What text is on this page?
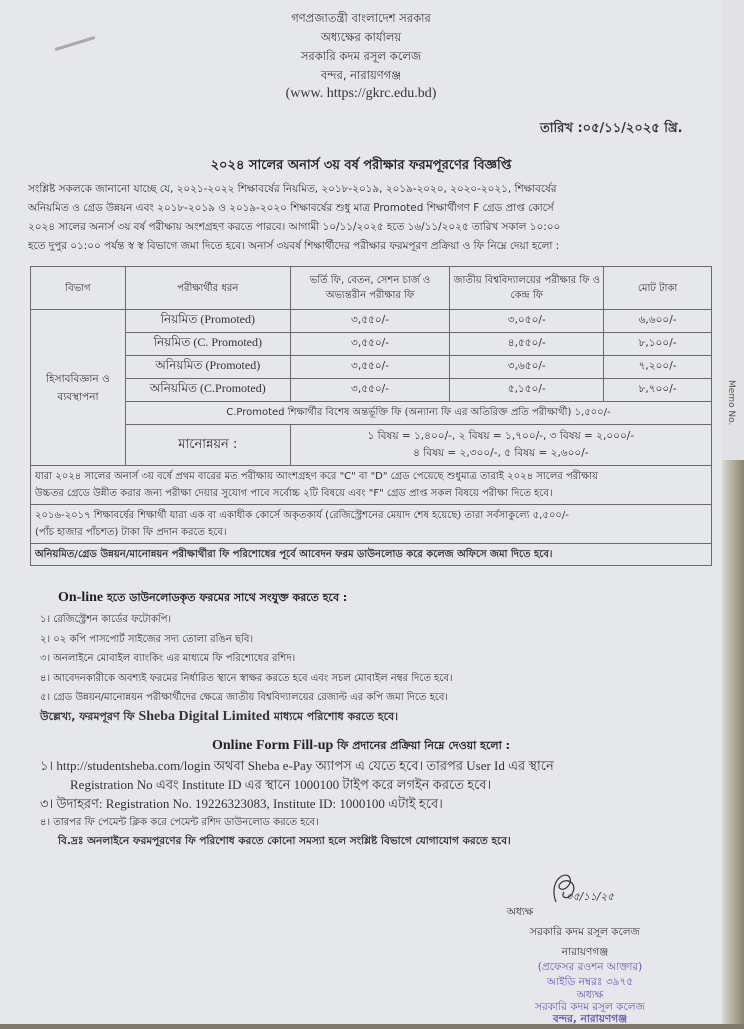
Memo No.
গণপ্রজাতন্ত্রী বাংলাদেশ সরকার
অধ্যক্ষের কার্যালয়
সরকারি কদম রসূল কলেজ
বন্দর, নারায়ণগঞ্জ
(www. https://gkrc.edu.bd)
তারিখ :০৫/১১/২০২৫ খ্রি.
২০২৪ সালের অনার্স ৩য় বর্ষ পরীক্ষার ফরমপূরণের বিজ্ঞপ্তি
সংশ্লিষ্ট সকলকে জানানো যাচ্ছে যে, ২০২১-২০২২ শিক্ষাবর্ষের নিয়মিত, ২০১৮-২০১৯, ২০১৯-২০২০, ২০২০-২০২১, শিক্ষাবর্ষের
অনিয়মিত ও গ্রেড উন্নয়ন এবং ২০১৮-২০১৯ ও ২০১৯-২০২০ শিক্ষাবর্ষের শুধু মাত্র Promoted শিক্ষার্থীগণ F গ্রেড প্রাপ্ত কোর্সে
২০২৪ সালের অনার্স ৩য় বর্ষ পরীক্ষায় অংশগ্রহণ করতে পারবে। আগামী ১০/১১/২০২৫ হতে ১৬/১১/২০২৫ তারিখ সকাল ১০:০০
হতে দুপুর ০১:০০ পর্যন্ত স্ব স্ব বিভাগে জমা দিতে হবে। অনার্স ৩য়বর্ষ শিক্ষার্থীদের পরীক্ষার ফরমপূরণ প্রক্রিয়া ও ফি নিম্নে দেয়া হলো :
বিভাগ	পরীক্ষার্থীর ধরন	ভর্তি ফি, বেতন, সেশন চার্জ ও অভ্যন্তরীন পরীক্ষার ফি	জাতীয় বিশ্ববিদ্যালয়ের পরীক্ষার ফি ও কেন্দ্র ফি	মোট টাকা
হিসাববিজ্ঞান ও ব্যবস্থাপনা	নিয়মিত (Promoted)	৩,৫৫০/-	৩,০৫০/-	৬,৬০০/-
	নিয়মিত (C. Promoted)	৩,৫৫০/-	৪,৫৫০/-	৮,১০০/-
	অনিয়মিত (Promoted)	৩,৫৫০/-	৩,৬৫০/-	৭,২০০/-
	অনিয়মিত (C.Promoted)	৩,৫৫০/-	৫,১৫০/-	৮,৭০০/-
	C.Promoted শিক্ষার্থীর বিশেষ অন্তর্ভূক্তি ফি (অন্যান্য ফি এর অতিরিক্ত প্রতি পরীক্ষার্থী) ১,৫০০/-			
	মানোন্নয়ন :	১ বিষয় = ১,৪০০/-, ২ বিষয় = ১,৭০০/-, ৩ বিষয় = ২,০০০/-
৪ বিষয় = ২,৩০০/-, ৫ বিষয় = ২,৬০০/-		

যারা ২০২৪ সালের অনার্স ৩য় বর্ষে প্রথম বারের মত পরীক্ষায় আংশগ্রহণ করে "C" বা "D" গ্রেড পেয়েছে শুধুমাত্র তারাই ২০২৪ সালের পরীক্ষায়
উচ্চতর গ্রেডে উন্নীত করার জন্য পরীক্ষা দেয়ার সুযোগ পাবে সর্বোচ্চ ২টি বিষয়ে এবং "F" গ্রেড প্রাপ্ত সকল বিষয়ে পরীক্ষা দিতে হবে।				

২০১৬-২০১৭ শিক্ষাবর্ষের শিক্ষার্থী যারা এক বা একাধীক কোর্সে অকৃতকার্য (রেজিস্ট্রেশনের মেয়াদ শেষ হয়েছে) তারা সর্বসাকুল্যে ৫,৫০০/-
(পাঁচ হাজার পাঁচশত) টাকা ফি প্রদান করতে হবে।				

অনিয়মিত/গ্রেড উন্নয়ন/মানোন্নয়ন পরীক্ষার্থীরা ফি পরিশোধের পূর্বে আবেদন ফরম ডাউনলোড করে কলেজ অফিসে জমা দিতে হবে।				
On-line হতে ডাউনলোডকৃত ফরমের সাথে সংযুক্ত করতে হবে :
১। রেজিস্ট্রেশন কার্ডের ফটোকপি।
২। ০২ কপি পাসপোর্ট সাইজের সদ্য তোলা রঙিন ছবি।
৩। অনলাইনে মোবাইল ব্যাংকিং এর মাধ্যমে ফি পরিশোধের রশিদ।
৪। আবেদনকারীকে অবশ্যই ফরমের নির্ধারিত স্থানে স্বাক্ষর করতে হবে এবং সচল মোবাইল নম্বর দিতে হবে।
৫। গ্রেড উন্নয়ন/মানোন্নয়ন পরীক্ষার্থীদের ক্ষেত্রে জাতীয় বিশ্ববিদ্যালয়ের রেজাল্ট এর কপি জমা দিতে হবে।
উল্লেখ্য, ফরমপূরণ ফি Sheba Digital Limited মাধ্যমে পরিশোধ করতে হবে।
Online Form Fill-up ফি প্রদানের প্রক্রিয়া নিম্নে দেওয়া হলো :
১। http://studentsheba.com/login অথবা Sheba e-Pay অ্যাপস এ যেতে হবে। তারপর User Id এর স্থানে
Registration No এবং Institute ID এর স্থানে 1000100 টাইপ করে লগইন করতে হবে।
৩। উদাহরণ: Registration No. 19226323083, Institute ID: 1000100 এটাই হবে।
৪। তারপর ফি পেমেন্ট ক্লিক করে পেমেন্ট রশিদ ডাউনলোড করতে হবে।
বি.দ্রঃ অনলাইনে ফরমপূরণের ফি পরিশোধ করতে কোনো সমস্যা হলে সংশ্লিষ্ট বিভাগে যোগাযোগ করতে হবে।
০৫/১১/২৫
অধ্যক্ষ
সরকারি কদম রসূল কলেজ
নারায়ণগঞ্জ
(প্রফেসর রওশন আক্তার)
আইডি নম্বরঃ ৩৯৭৫
অধ্যক্ষ
সরকারি কদম রসূল কলেজ
বন্দর, নারায়ণগঞ্জ
